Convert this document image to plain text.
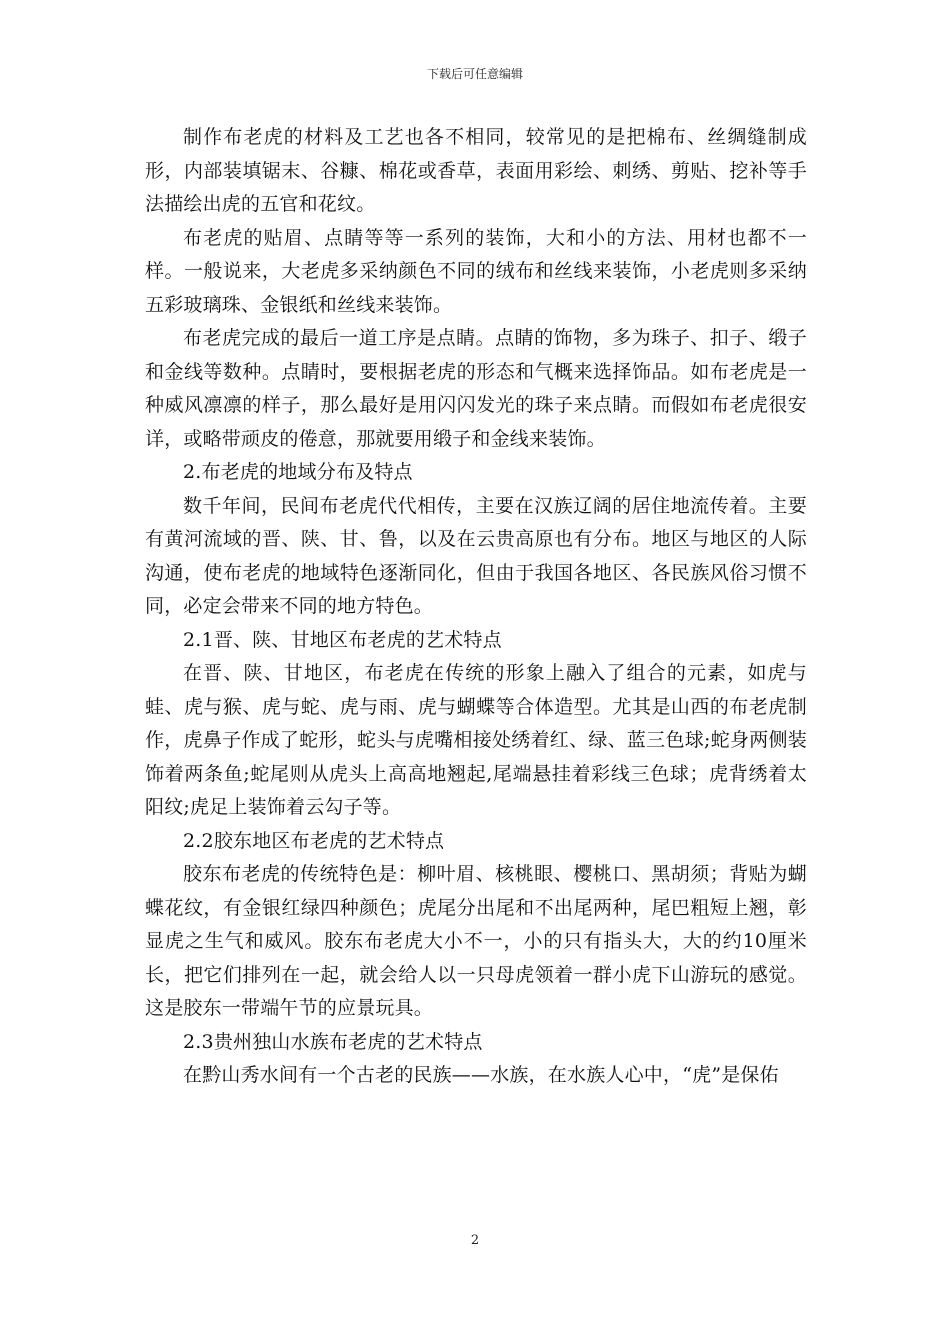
下载后可任意编辑

制作布老虎的材料及工艺也各不相同，较常见的是把棉布、丝绸缝制成形，内部装填锯末、谷糠、棉花或香草，表面用彩绘、刺绣、剪贴、挖补等手法描绘出虎的五官和花纹。

布老虎的贴眉、点睛等等一系列的装饰，大和小的方法、用材也都不一样。一般说来，大老虎多采纳颜色不同的绒布和丝线来装饰，小老虎则多采纳五彩玻璃珠、金银纸和丝线来装饰。

布老虎完成的最后一道工序是点睛。点睛的饰物，多为珠子、扣子、缎子和金线等数种。点睛时，要根据老虎的形态和气概来选择饰品。如布老虎是一种威风凛凛的样子，那么最好是用闪闪发光的珠子来点睛。而假如布老虎很安详，或略带顽皮的倦意，那就要用缎子和金线来装饰。

2.布老虎的地域分布及特点

数千年间，民间布老虎代代相传，主要在汉族辽阔的居住地流传着。主要有黄河流域的晋、陕、甘、鲁，以及在云贵高原也有分布。地区与地区的人际沟通，使布老虎的地域特色逐渐同化，但由于我国各地区、各民族风俗习惯不同，必定会带来不同的地方特色。

2.1晋、陕、甘地区布老虎的艺术特点

在晋、陕、甘地区，布老虎在传统的形象上融入了组合的元素，如虎与蛙、虎与猴、虎与蛇、虎与雨、虎与蝴蝶等合体造型。尤其是山西的布老虎制作，虎鼻子作成了蛇形，蛇头与虎嘴相接处绣着红、绿、蓝三色球;蛇身两侧装饰着两条鱼;蛇尾则从虎头上高高地翘起,尾端悬挂着彩线三色球；虎背绣着太阳纹;虎足上装饰着云勾子等。

2.2胶东地区布老虎的艺术特点

胶东布老虎的传统特色是：柳叶眉、核桃眼、樱桃口、黑胡须；背贴为蝴蝶花纹，有金银红绿四种颜色；虎尾分出尾和不出尾两种，尾巴粗短上翘，彰显虎之生气和威风。胶东布老虎大小不一，小的只有指头大，大的约10厘米长，把它们排列在一起，就会给人以一只母虎领着一群小虎下山游玩的感觉。这是胶东一带端午节的应景玩具。

2.3贵州独山水族布老虎的艺术特点

在黔山秀水间有一个古老的民族——水族，在水族人心中，“虎”是保佑

2
